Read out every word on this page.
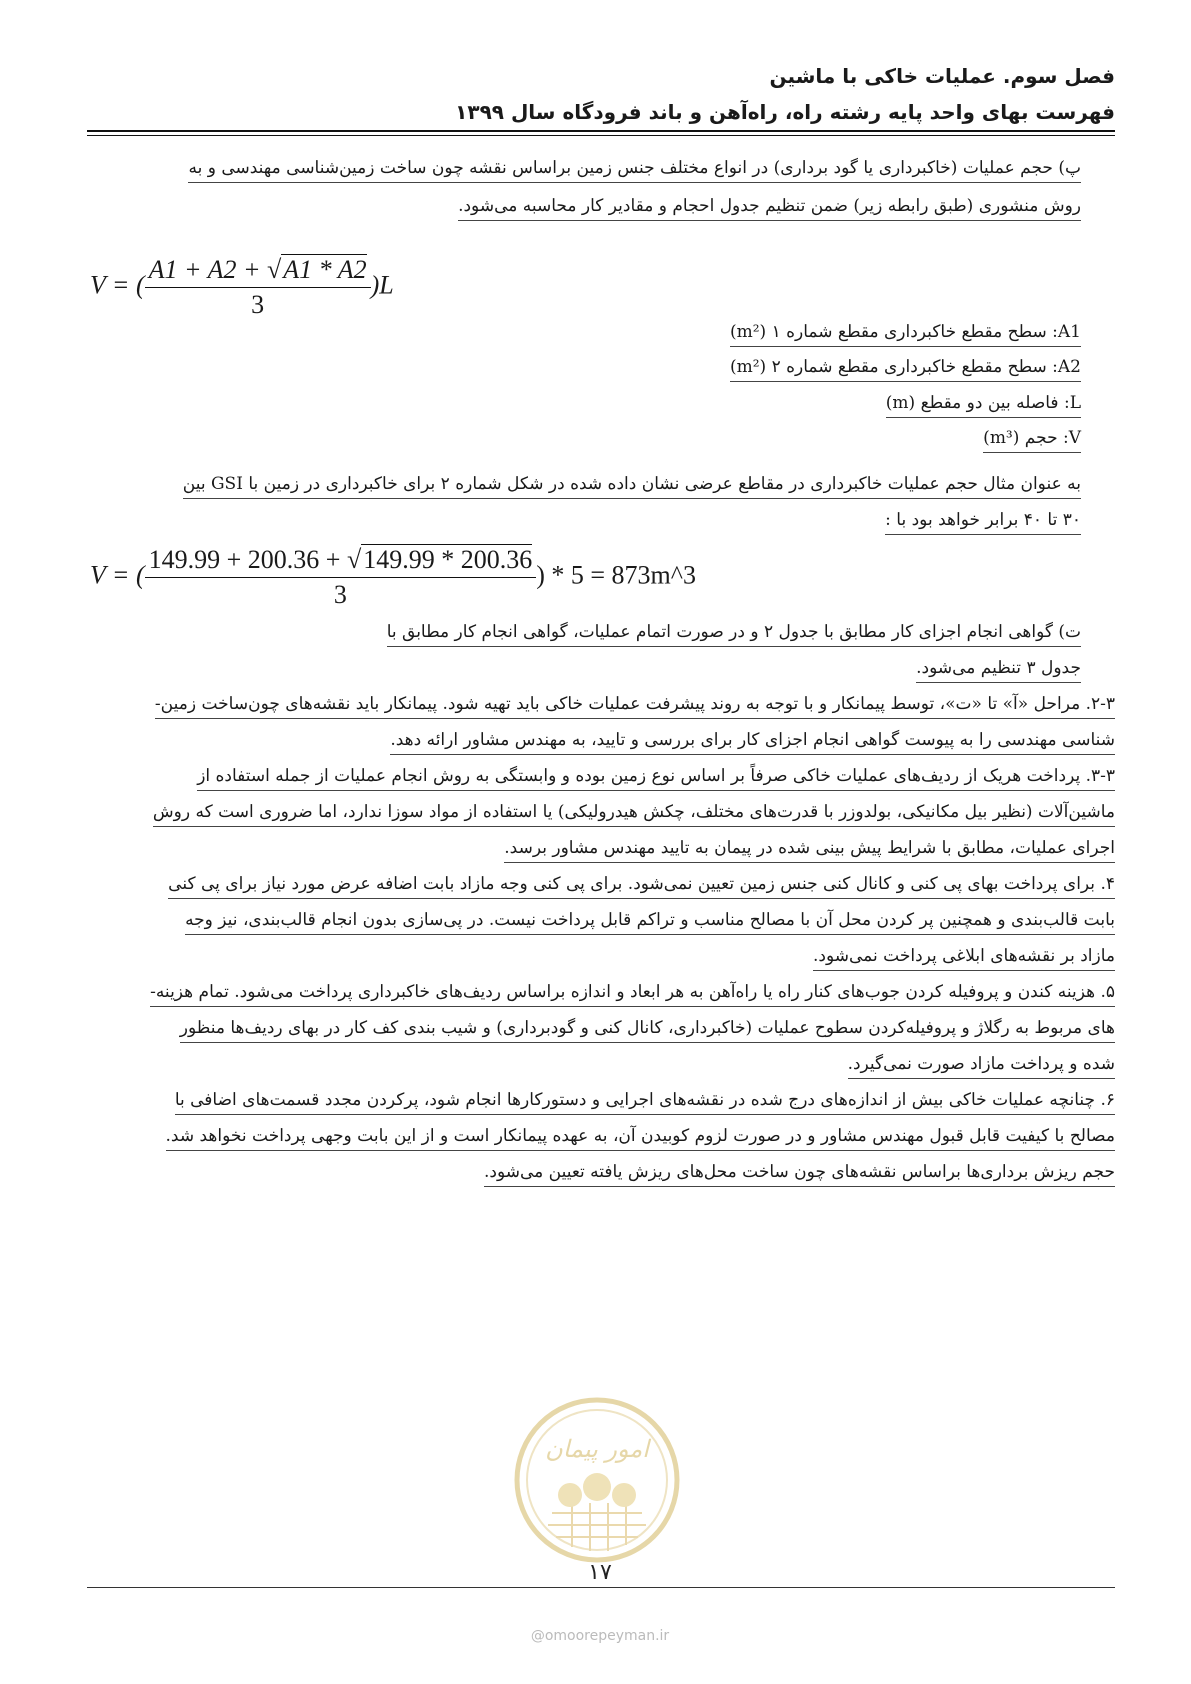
فصل سوم. عملیات خاکی با ماشین
فهرست بهای واحد پایه رشته راه، راه‌آهن و باند فرودگاه سال ۱۳۹۹
پ) حجم عملیات (خاکبرداری یا گود برداری) در انواع مختلف جنس زمین براساس نقشه چون ساخت زمین‌شناسی مهندسی و به
روش منشوری (طبق رابطه زیر) ضمن تنظیم جدول احجام و مقادیر کار محاسبه می‌شود.
V = ( $\frac{A1 + A2 + √A1 * A2}{3} )L$
A1: سطح مقطع خاکبرداری مقطع شماره ۱ (m²)
A2: سطح مقطع خاکبرداری مقطع شماره ۲ (m²)
L: فاصله بین دو مقطع (m)
V: حجم (m³)
به عنوان مثال حجم عملیات خاکبرداری در مقاطع عرضی نشان داده شده در شکل شماره ۲ برای خاکبرداری در زمین با GSI بین
۳۰ تا ۴۰ برابر خواهد بود با :
V = ( $\frac{149.99 + 200.36 + √149.99 * 200.36}{3}$ ) * 5 = 873m^3
ت) گواهی انجام اجزای کار مطابق با جدول ۲ و در صورت اتمام عملیات، گواهی انجام کار مطابق با
جدول ۳ تنظیم می‌شود.
۲-۳. مراحل «آ» تا «ت»، توسط پیمانکار و با توجه به روند پیشرفت عملیات خاکی باید تهیه شود. پیمانکار باید نقشه‌های چون‌ساخت زمین-
شناسی مهندسی را به پیوست گواهی انجام اجزای کار برای بررسی و تایید، به مهندس مشاور ارائه دهد.
۳-۳. پرداخت هریک از ردیف‌های عملیات خاکی صرفاً بر اساس نوع زمین بوده و وابستگی به روش انجام عملیات از جمله استفاده از
ماشین‌آلات (نظیر بیل مکانیکی، بولدوزر با قدرت‌های مختلف، چکش هیدرولیکی) یا استفاده از مواد سوزا ندارد، اما ضروری است که روش
اجرای عملیات، مطابق با شرایط پیش بینی شده در پیمان به تایید مهندس مشاور برسد.
۴. برای پرداخت بهای پی کنی و کانال کنی جنس زمین تعیین نمی‌شود. برای پی کنی وجه مازاد بابت اضافه عرض مورد نیاز برای پی کنی
بابت قالب‌بندی و همچنین پر کردن محل آن با مصالح مناسب و تراکم قابل پرداخت نیست. در پی‌سازی بدون انجام قالب‌بندی، نیز وجه
مازاد بر نقشه‌های ابلاغی پرداخت نمی‌شود.
۵. هزینه کندن و پروفیله کردن جوب‌های کنار راه یا راه‌آهن به هر ابعاد و اندازه براساس ردیف‌های خاکبرداری پرداخت می‌شود. تمام هزینه-
های مربوط به رگلاژ و پروفیله‌کردن سطوح عملیات (خاکبرداری، کانال کنی و گودبرداری) و شیب بندی کف کار در بهای ردیف‌ها منظور
شده و پرداخت مازاد صورت نمی‌گیرد.
۶. چنانچه عملیات خاکی بیش از اندازه‌های درج شده در نقشه‌های اجرایی و دستورکارها انجام شود، پرکردن مجدد قسمت‌های اضافی با
مصالح با کیفیت قابل قبول مهندس مشاور و در صورت لزوم کوبیدن آن، به عهده پیمانکار است و از این بابت وجهی پرداخت نخواهد شد.
حجم ریزش برداری‌ها براساس نقشه‌های چون ساخت محل‌های ریزش یافته تعیین می‌شود.
امور پیمان
۱۷
@omoorepeyman.ir
